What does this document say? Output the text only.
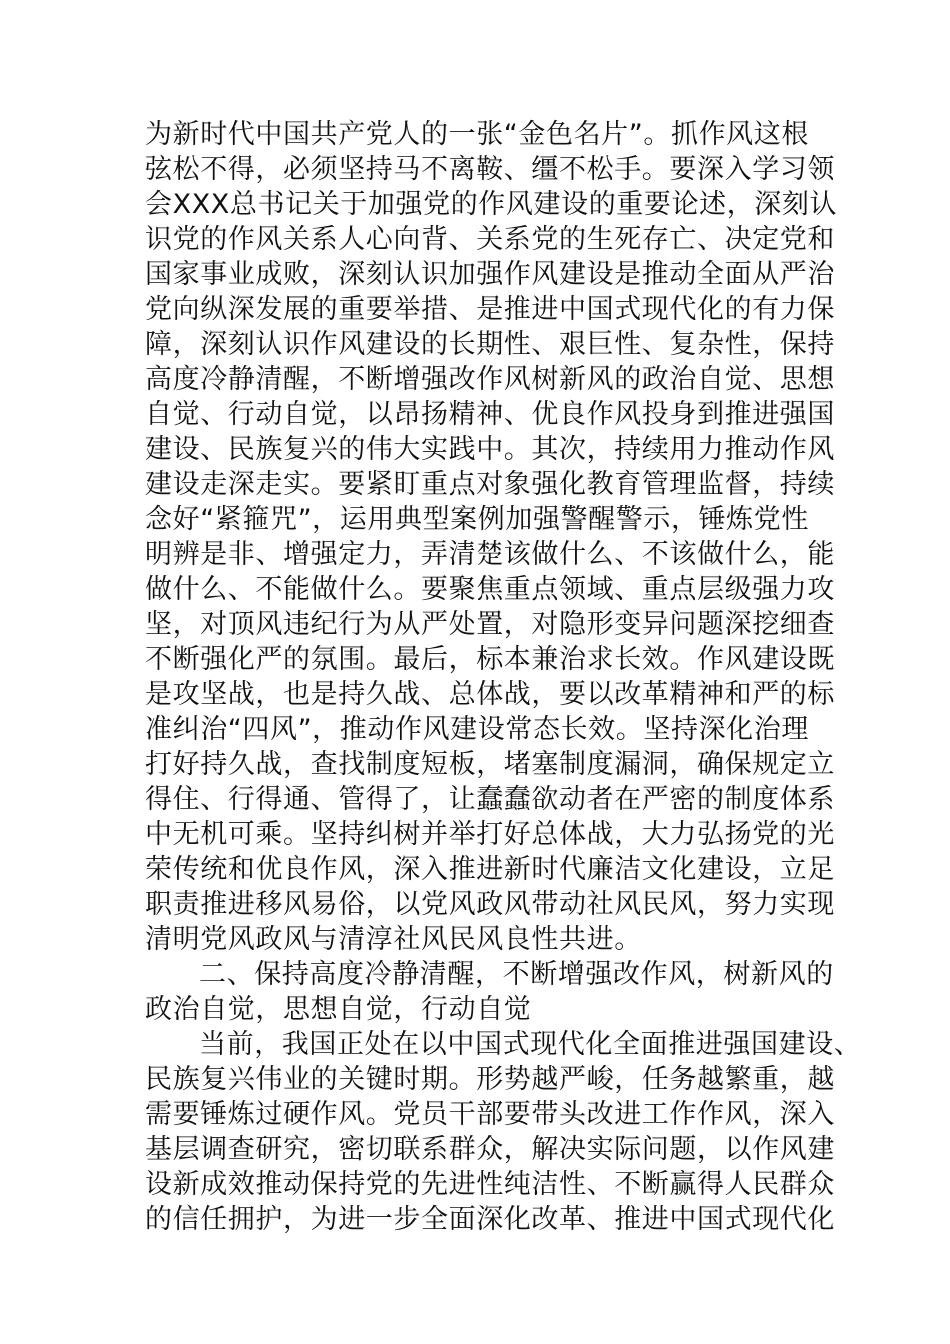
为新时代中国共产党人的一张“金色名片”。抓作风这根
弦松不得，必须坚持马不离鞍、缰不松手。要深入学习领
会XXX总书记关于加强党的作风建设的重要论述，深刻认
识党的作风关系人心向背、关系党的生死存亡、决定党和
国家事业成败，深刻认识加强作风建设是推动全面从严治
党向纵深发展的重要举措、是推进中国式现代化的有力保
障，深刻认识作风建设的长期性、艰巨性、复杂性，保持
高度冷静清醒，不断增强改作风树新风的政治自觉、思想
自觉、行动自觉，以昂扬精神、优良作风投身到推进强国
建设、民族复兴的伟大实践中。其次，持续用力推动作风
建设走深走实。要紧盯重点对象强化教育管理监督，持续
念好“紧箍咒”，运用典型案例加强警醒警示，锤炼党性
明辨是非、增强定力，弄清楚该做什么、不该做什么，能
做什么、不能做什么。要聚焦重点领域、重点层级强力攻
坚，对顶风违纪行为从严处置，对隐形变异问题深挖细查
不断强化严的氛围。最后，标本兼治求长效。作风建设既
是攻坚战，也是持久战、总体战，要以改革精神和严的标
准纠治“四风”，推动作风建设常态长效。坚持深化治理
打好持久战，查找制度短板，堵塞制度漏洞，确保规定立
得住、行得通、管得了，让蠢蠢欲动者在严密的制度体系
中无机可乘。坚持纠树并举打好总体战，大力弘扬党的光
荣传统和优良作风，深入推进新时代廉洁文化建设，立足
职责推进移风易俗，以党风政风带动社风民风，努力实现
清明党风政风与清淳社风民风良性共进。
二、保持高度冷静清醒，不断增强改作风，树新风的
政治自觉，思想自觉，行动自觉
当前，我国正处在以中国式现代化全面推进强国建设、
民族复兴伟业的关键时期。形势越严峻，任务越繁重，越
需要锤炼过硬作风。党员干部要带头改进工作作风，深入
基层调查研究，密切联系群众，解决实际问题，以作风建
设新成效推动保持党的先进性纯洁性、不断赢得人民群众
的信任拥护，为进一步全面深化改革、推进中国式现代化
